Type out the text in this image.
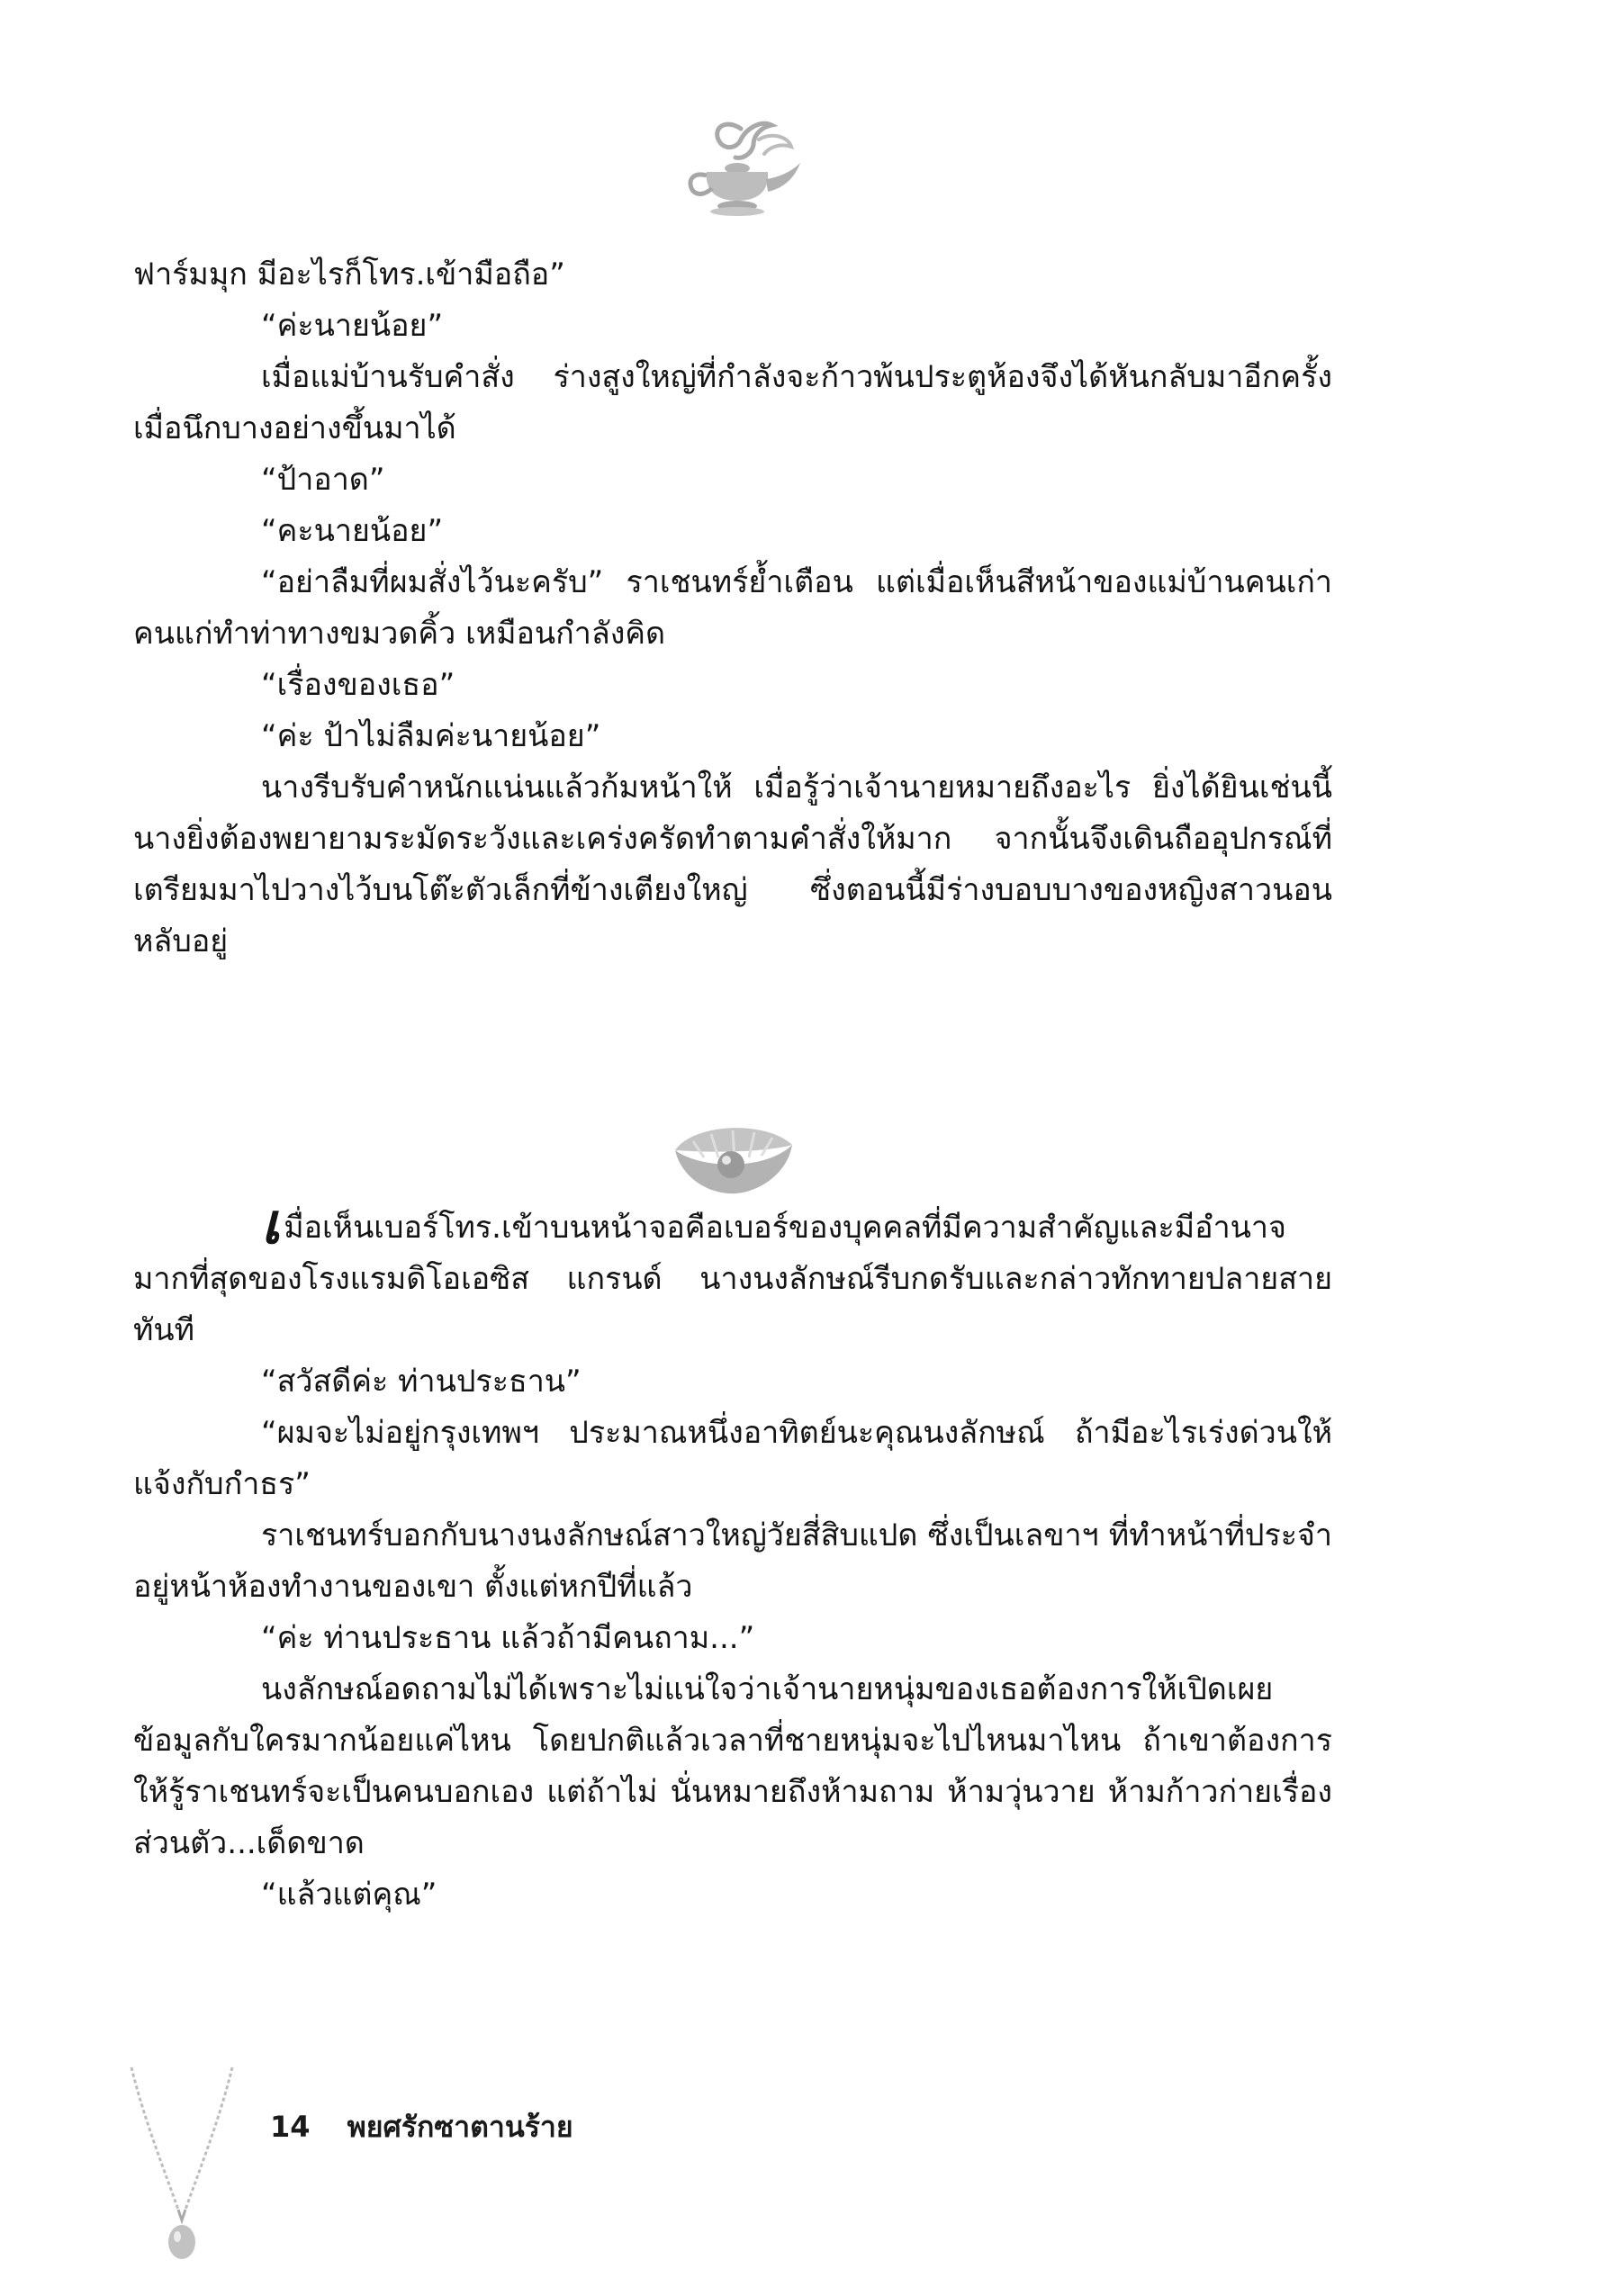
ฟาร์มมุก มีอะไรก็โทร.เข้ามือถือ”

“ค่ะนายน้อย”

เมื่อแม่บ้านรับคำสั่ง ร่างสูงใหญ่ที่กำลังจะก้าวพ้นประตูห้องจึงได้หันกลับมาอีกครั้งเมื่อนึกบางอย่างขึ้นมาได้

“ป้าอาด”

“คะนายน้อย”

“อย่าลืมที่ผมสั่งไว้นะครับ” ราเชนทร์ย้ำเตือน แต่เมื่อเห็นสีหน้าของแม่บ้านคนเก่าคนแก่ทำท่าทางขมวดคิ้ว เหมือนกำลังคิด

“เรื่องของเธอ”

“ค่ะ ป้าไม่ลืมค่ะนายน้อย”

นางรีบรับคำหนักแน่นแล้วก้มหน้าให้ เมื่อรู้ว่าเจ้านายหมายถึงอะไร ยิ่งได้ยินเช่นนี้นางยิ่งต้องพยายามระมัดระวังและเคร่งครัดทำตามคำสั่งให้มาก จากนั้นจึงเดินถืออุปกรณ์ที่เตรียมมาไปวางไว้บนโต๊ะตัวเล็กที่ข้างเตียงใหญ่ ซึ่งตอนนี้มีร่างบอบบางของหญิงสาวนอนหลับอยู่

เมื่อเห็นเบอร์โทร.เข้าบนหน้าจอคือเบอร์ของบุคคลที่มีความสำคัญและมีอำนาจมากที่สุดของโรงแรมดิโอเอซิส แกรนด์ นางนงลักษณ์รีบกดรับและกล่าวทักทายปลายสายทันที

“สวัสดีค่ะ ท่านประธาน”

“ผมจะไม่อยู่กรุงเทพฯ ประมาณหนึ่งอาทิตย์นะคุณนงลักษณ์ ถ้ามีอะไรเร่งด่วนให้แจ้งกับกำธร”

ราเชนทร์บอกกับนางนงลักษณ์สาวใหญ่วัยสี่สิบแปด ซึ่งเป็นเลขาฯ ที่ทำหน้าที่ประจำอยู่หน้าห้องทำงานของเขา ตั้งแต่หกปีที่แล้ว

“ค่ะ ท่านประธาน แล้วถ้ามีคนถาม...”

นงลักษณ์อดถามไม่ได้เพราะไม่แน่ใจว่าเจ้านายหนุ่มของเธอต้องการให้เปิดเผยข้อมูลกับใครมากน้อยแค่ไหน โดยปกติแล้วเวลาที่ชายหนุ่มจะไปไหนมาไหน ถ้าเขาต้องการให้รู้ราเชนทร์จะเป็นคนบอกเอง แต่ถ้าไม่ นั่นหมายถึงห้ามถาม ห้ามวุ่นวาย ห้ามก้าวก่ายเรื่องส่วนตัว...เด็ดขาด

“แล้วแต่คุณ”

14 พยศรักซาตานร้าย
